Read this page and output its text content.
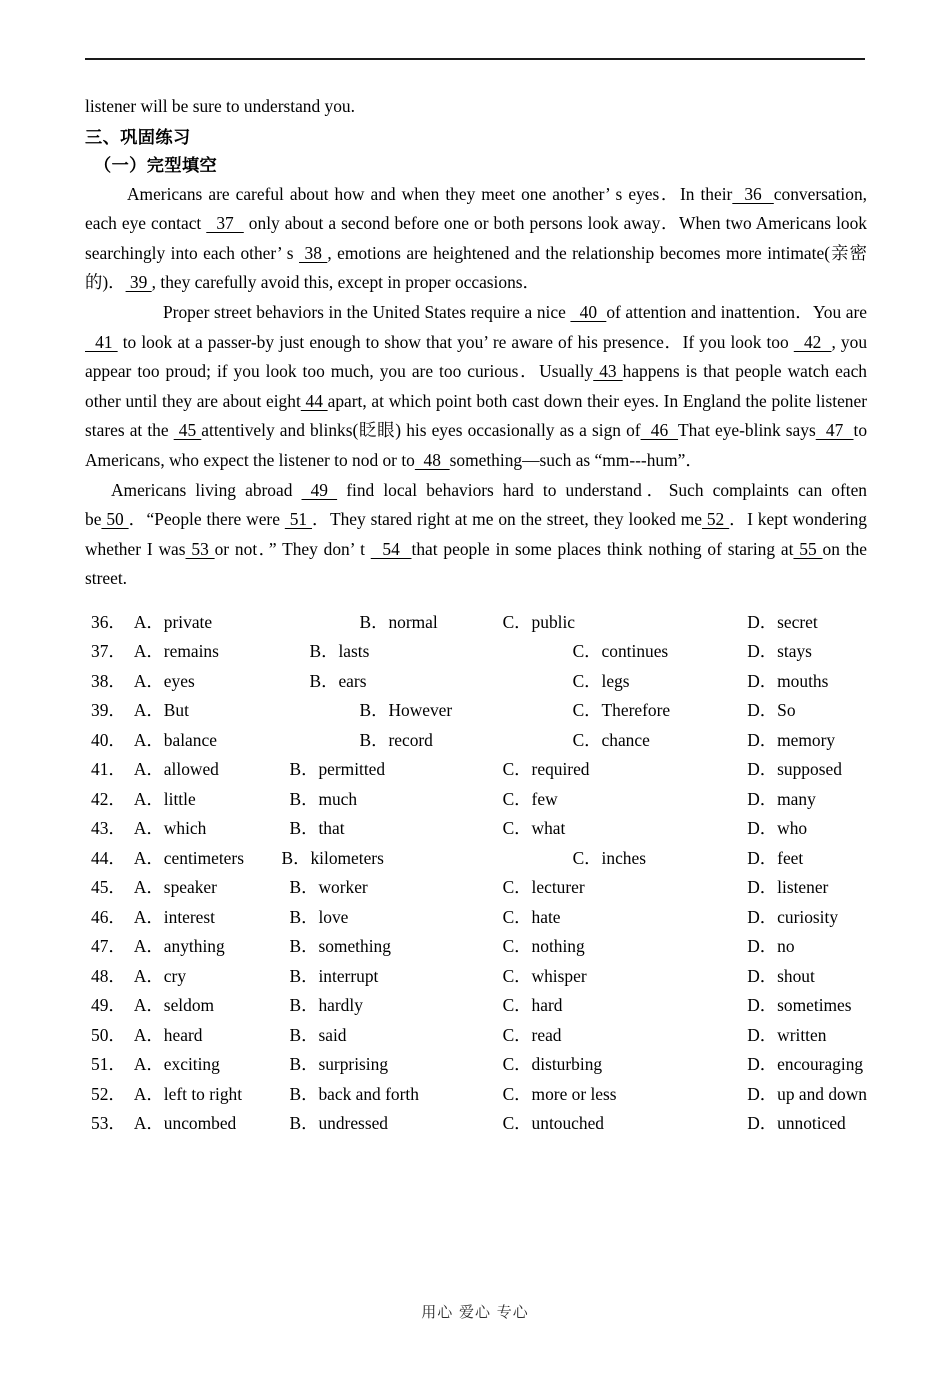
listener will be sure to understand you.

三、巩固练习

（一）完型填空

Americans are careful about how and when they meet one another’ s eyes．In their  36  conversation, each eye contact   37   only about a second before one or both persons look away．When two Americans look searchingly into each other’ s  38 , emotions are heightened and the relationship becomes more intimate(亲密的)． 39 , they carefully avoid this, except in proper occasions．

Proper street behaviors in the United States require a nice   40  of attention and inattention．You are   41  to look at a passer-by just enough to show that you’ re aware of his presence．If you look too   42  , you appear too proud; if you look too much, you are too curious．Usually 43 happens is that people watch each other until they are about eight 44 apart, at which point both cast down their eyes. In England the polite listener stares at the  45 attentively and blinks(眨眼) his eyes occasionally as a sign of  46  That eye-blink says  47  to Americans, who expect the listener to nod or to  48  something—such as “mm---hum”．

Americans living abroad  49  find local behaviors hard to understand．Such complaints can often be 50 ．“People there were  51 ．They stared right at me on the street, they looked me 52 ．I kept wondering whether I was 53 or not．” They don’ t   54  that people in some places think nothing of staring at 55 on the street.

36．	A．private	B．normal	C．public	D．secret
37．	A．remains	B．lasts	C．continues	D．stays
38．	A．eyes	B．ears	C．legs	D．mouths
39．	A．But	B．However	C．Therefore	D．So
40．	A．balance	B．record	C．chance	D．memory
41．	A．allowed	B．permitted	C．required	D．supposed
42．	A．little	B．much	C．few	D．many
43．	A．which	B．that	C．what	D．who
44．	A．centimeters	B．kilometers	C．inches	D．feet
45．	A．speaker	B．worker	C．lecturer	D．listener
46．	A．interest	B．love	C．hate	D．curiosity
47．	A．anything	B．something	C．nothing	D．no
48．	A．cry	B．interrupt	C．whisper	D．shout
49．	A．seldom	B．hardly	C．hard	D．sometimes
50．	A．heard	B．said	C．read	D．written
51．	A．exciting	B．surprising	C．disturbing	D．encouraging
52．	A．left to right	B．back and forth	C．more or less	D．up and down
53．	A．uncombed	B．undressed	C．untouched	D．unnoticed
用心 爱心 专心
